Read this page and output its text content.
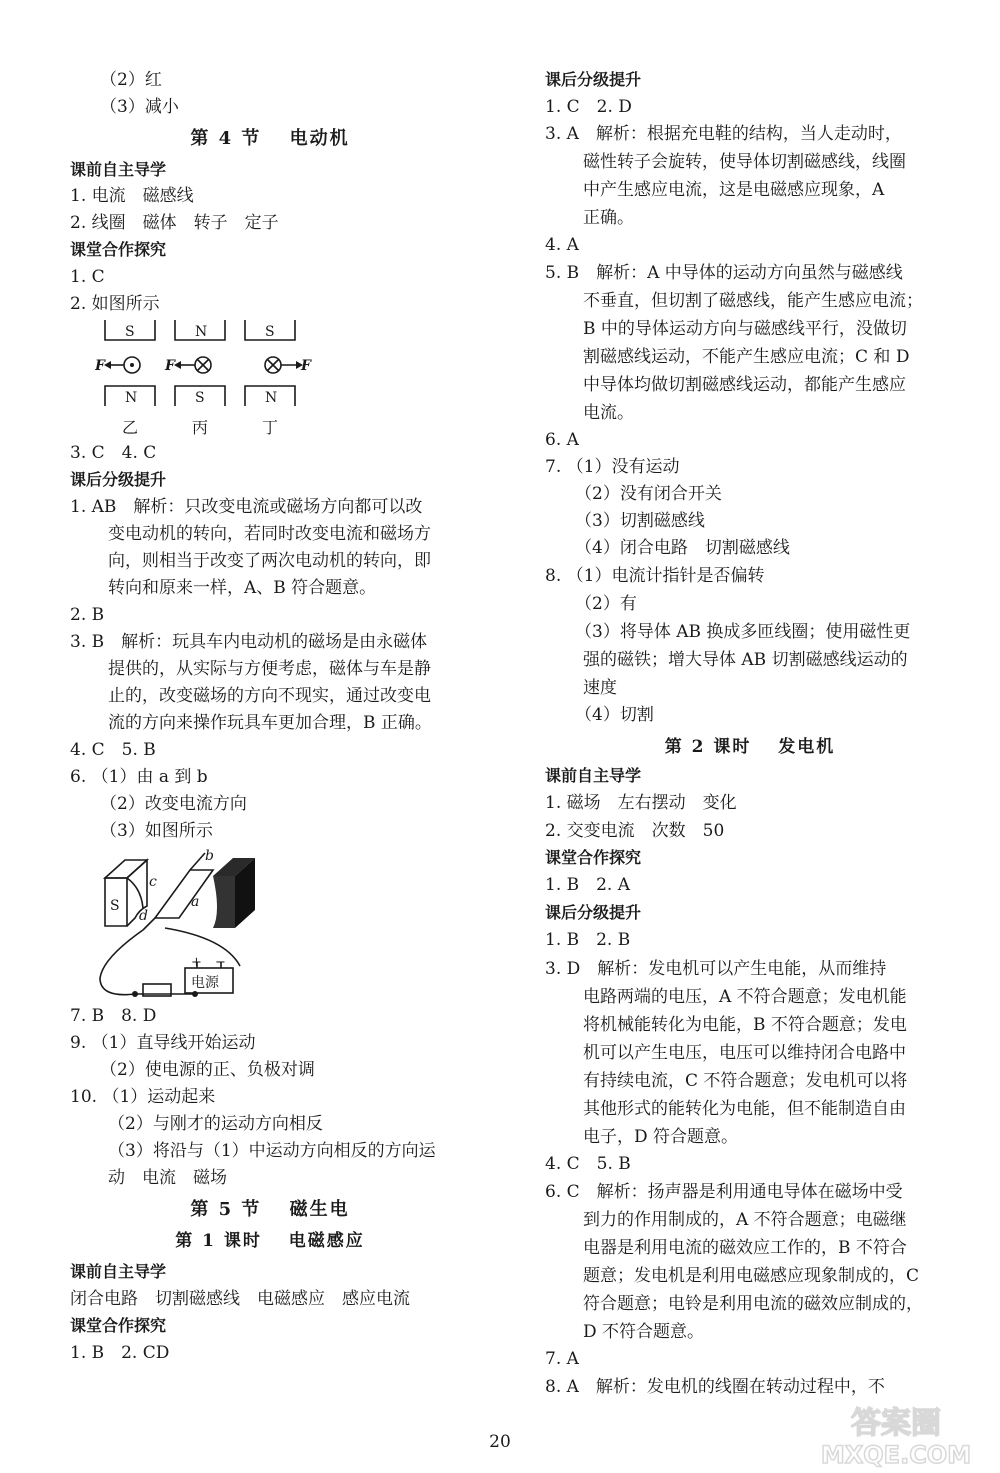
（2）红
（3）减小
第 4 节　 电动机
课前自主导学
1. 电流　磁感线
2. 线圈　磁体　转子　定子
课堂合作探究
1. C
2. 如图所示
S	N	S
N	S	N
F	F	F
乙	丙	丁
3. C　4. C
课后分级提升
1. AB　解析：只改变电流或磁场方向都可以改
变电动机的转向，若同时改变电流和磁场方
向，则相当于改变了两次电动机的转向，即
转向和原来一样，A、B 符合题意。
2. B
3. B　解析：玩具车内电动机的磁场是由永磁体
提供的，从实际与方便考虑，磁体与车是静
止的，改变磁场的方向不现实，通过改变电
流的方向来操作玩具车更加合理，B 正确。
4. C　5. B
6. （1）由 a 到 b
（2）改变电流方向
（3）如图所示
S	a
b
c
d
+ −
电源
7. B　8. D
9. （1）直导线开始运动
（2）使电源的正、负极对调
10. （1）运动起来
（2）与刚才的运动方向相反
（3）将沿与（1）中运动方向相反的方向运
动　电流　磁场
第 5 节　 磁生电
第 1 课时　 电磁感应
课前自主导学
闭合电路　切割磁感线　电磁感应　感应电流
课堂合作探究
1. B　2. CD
课后分级提升
1. C　2. D
3. A　解析：根据充电鞋的结构，当人走动时，
磁性转子会旋转，使导体切割磁感线，线圈
中产生感应电流，这是电磁感应现象，A
正确。
4. A
5. B　解析：A 中导体的运动方向虽然与磁感线
不垂直，但切割了磁感线，能产生感应电流；
B 中的导体运动方向与磁感线平行，没做切
割磁感线运动，不能产生感应电流；C 和 D
中导体均做切割磁感线运动，都能产生感应
电流。
6. A
7. （1）没有运动
（2）没有闭合开关
（3）切割磁感线
（4）闭合电路　切割磁感线
8. （1）电流计指针是否偏转
（2）有
（3）将导体 AB 换成多匝线圈；使用磁性更
强的磁铁；增大导体 AB 切割磁感线运动的
速度
（4）切割
第 2 课时　 发电机
课前自主导学
1. 磁场　左右摆动　变化
2. 交变电流　次数　50
课堂合作探究
1. B　2. A
课后分级提升
1. B　2. B
3. D　解析：发电机可以产生电能，从而维持
电路两端的电压，A 不符合题意；发电机能
将机械能转化为电能，B 不符合题意；发电
机可以产生电压，电压可以维持闭合电路中
有持续电流，C 不符合题意；发电机可以将
其他形式的能转化为电能，但不能制造自由
电子，D 符合题意。
4. C　5. B
6. C　解析：扬声器是利用通电导体在磁场中受
到力的作用制成的，A 不符合题意；电磁继
电器是利用电流的磁效应工作的，B 不符合
题意；发电机是利用电磁感应现象制成的，C
符合题意；电铃是利用电流的磁效应制成的，
D 不符合题意。
7. A
8. A　解析：发电机的线圈在转动过程中，不
20
答案圈
MXQE.COM
